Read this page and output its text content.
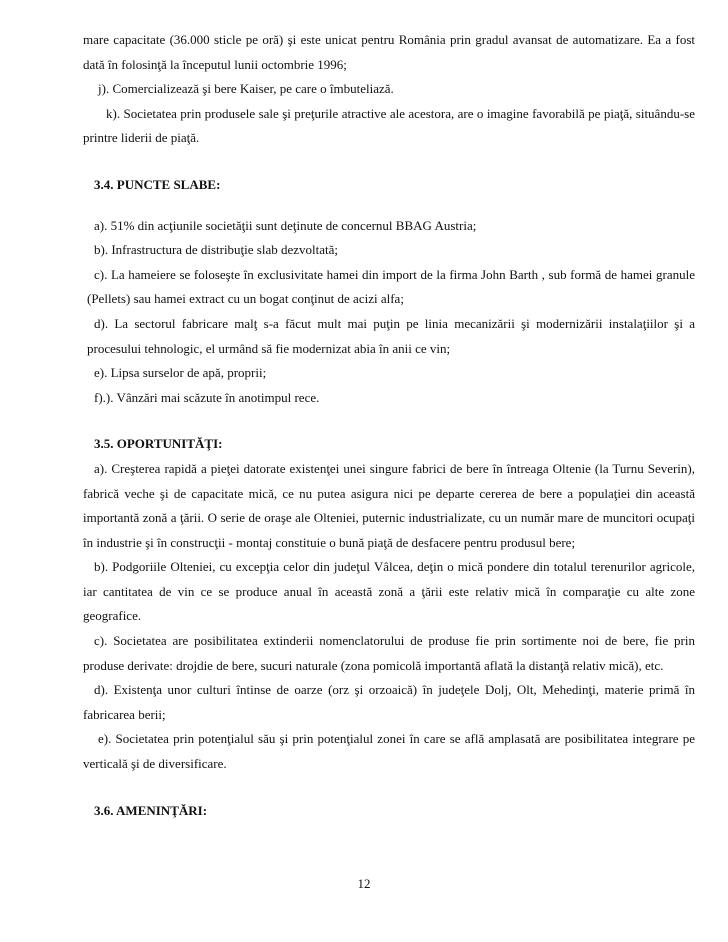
mare capacitate (36.000 sticle pe oră) şi este unicat pentru România prin gradul avansat de automatizare. Ea a fost dată în folosinţă la începutul lunii octombrie 1996;

j). Comercializează şi bere Kaiser, pe care o îmbuteliază.

k). Societatea prin produsele sale şi preţurile atractive ale acestora, are o imagine favorabilă pe piaţă, situându-se printre liderii de piaţă.

3.4. PUNCTE SLABE:

a). 51% din acţiunile societăţii sunt deţinute de concernul BBAG Austria;

b). Infrastructura de distribuţie slab dezvoltată;

c). La hameiere se foloseşte în exclusivitate hamei din import de la firma John Barth , sub formă de hamei granule (Pellets) sau hamei extract cu un bogat conţinut de acizi alfa;

d). La sectorul fabricare malţ s-a făcut mult mai puţin pe linia mecanizării şi modernizării instalaţiilor şi a procesului tehnologic, el urmând să fie modernizat abia în anii ce vin;

e). Lipsa surselor de apă, proprii;

f).). Vânzări mai scăzute în anotimpul rece.

3.5. OPORTUNITĂŢI:

a). Creşterea rapidă a pieţei datorate existenţei unei singure fabrici de bere în întreaga Oltenie (la Turnu Severin), fabrică veche şi de capacitate mică, ce nu putea asigura nici pe departe cererea de bere a populaţiei din această importantă zonă a ţării. O serie de oraşe ale Olteniei, puternic industrializate, cu un număr mare de muncitori ocupaţi în industrie şi în construcţii - montaj constituie o bună piaţă de desfacere pentru produsul bere;

b). Podgoriile Olteniei, cu excepţia celor din judeţul Vâlcea, deţin o mică pondere din totalul terenurilor agricole, iar cantitatea de vin ce se produce anual în această zonă a ţării este relativ mică în comparaţie cu alte zone geografice.

c). Societatea are posibilitatea extinderii nomenclatorului de produse fie prin sortimente noi de bere, fie prin produse derivate: drojdie de bere, sucuri naturale (zona pomicolă importantă aflată la distanţă relativ mică), etc.

d). Existenţa unor culturi întinse de oarze (orz şi orzoaică) în judeţele Dolj, Olt, Mehedinţi, materie primă în fabricarea berii;

e). Societatea prin potenţialul său şi prin potenţialul zonei în care se află amplasată are posibilitatea integrare pe verticală şi de diversificare.

3.6. AMENINŢĂRI:

12
